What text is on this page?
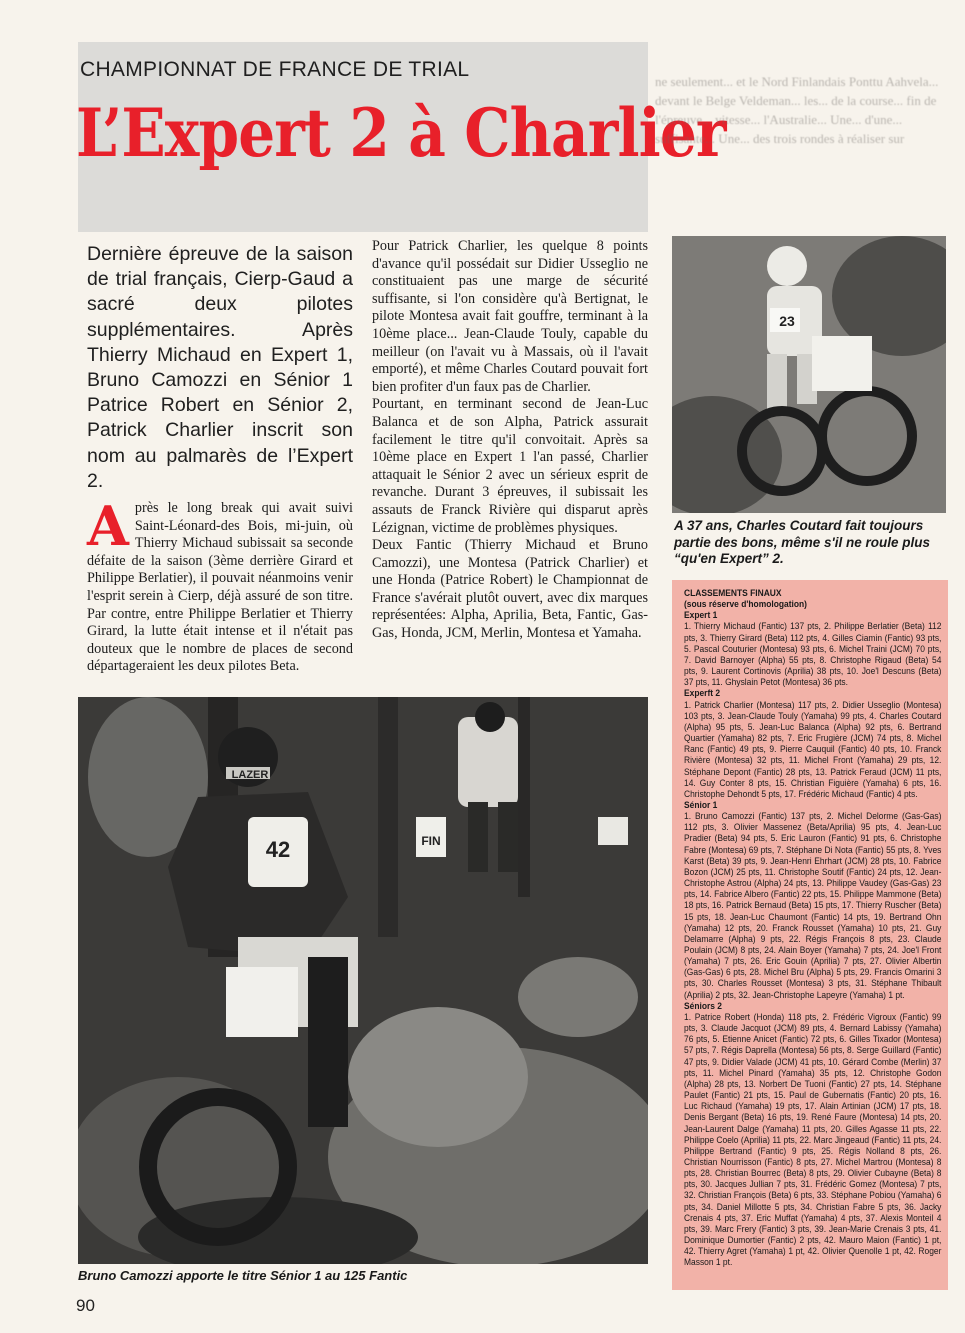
CHAMPIONNAT DE FRANCE DE TRIAL
L’Expert 2 à Charlier
ne seulement... et le Nord Finlandais Ponttu Aahvela... devant le Belge Veldeman... les... de la course... fin de l'épreuve... vitesse... l'Australie... Une... d'une... suffisante... Une... des trois rondes à réaliser sur
Dernière épreuve de la saison de trial français, Cierp-Gaud a sacré deux pilotes supplémentaires. Après Thierry Michaud en Expert 1, Bruno Camozzi en Sénior 1 Patrice Robert en Sénior 2, Patrick Charlier inscrit son nom au palmarès de l’Expert 2.
Après le long break qui avait suivi Saint-Léonard-des Bois, mi-juin, où Thierry Michaud subissait sa seconde défaite de la saison (3ème derrière Girard et Philippe Berlatier), il pouvait néanmoins venir l'esprit serein à Cierp, déjà assuré de son titre. Par contre, entre Philippe Berlatier et Thierry Girard, la lutte était intense et il n'était pas douteux que le nombre de places de second départageraient les deux pilotes Beta.

Pour Patrick Charlier, les quelque 8 points d'avance qu'il possédait sur Didier Usseglio ne constituaient pas une marge de sécurité suffisante, si l'on considère qu'à Bertignat, le pilote Montesa avait fait gouffre, terminant à la 10ème place... Jean-Claude Touly, capable du meilleur (on l'avait vu à Massais, où il l'avait emporté), et même Charles Coutard pouvait fort bien profiter d'un faux pas de Charlier.

Pourtant, en terminant second de Jean-Luc Balanca et de son Alpha, Patrick assurait facilement le titre qu'il convoitait. Après sa 10ème place en Expert 1 l'an passé, Charlier attaquait le Sénior 2 avec un sérieux esprit de revanche. Durant 3 épreuves, il subissait les assauts de Franck Rivière qui disparut après Lézignan, victime de problèmes physiques.

Deux Fantic (Thierry Michaud et Bruno Camozzi), une Montesa (Patrick Charlier) et une Honda (Patrice Robert) le Championnat de France s'avérait plutôt ouvert, avec dix marques représentées: Alpha, Aprilia, Beta, Fantic, Gas-Gas, Honda, JCM, Merlin, Montesa et Yamaha.

42
LAZER
FIN
Bruno Camozzi apporte le titre Sénior 1 au 125 Fantic
23
A 37 ans, Charles Coutard fait toujours partie des bons, même s'il ne roule plus “qu'en Expert” 2.
CLASSEMENTS FINAUX
(sous réserve d'homologation)
Expert 1
1. Thierry Michaud (Fantic) 137 pts, 2. Philippe Berlatier (Beta) 112 pts, 3. Thierry Girard (Beta) 112 pts, 4. Gilles Ciamin (Fantic) 93 pts, 5. Pascal Couturier (Montesa) 93 pts, 6. Michel Traini (JCM) 70 pts, 7. David Barnoyer (Alpha) 55 pts, 8. Christophe Rigaud (Beta) 54 pts, 9. Laurent Cortinovis (Aprilia) 38 pts, 10. Joe'l Descuns (Beta) 37 pts, 11. Ghyslain Petot (Montesa) 36 pts.
Experft 2
1. Patrick Charlier (Montesa) 117 pts, 2. Didier Usseglio (Montesa) 103 pts, 3. Jean-Claude Touly (Yamaha) 99 pts, 4. Charles Coutard (Alpha) 95 pts, 5. Jean-Luc Balanca (Alpha) 92 pts, 6. Bertrand Quartier (Yamaha) 82 pts, 7. Eric Frugière (JCM) 74 pts, 8. Michel Ranc (Fantic) 49 pts, 9. Pierre Cauquil (Fantic) 40 pts, 10. Franck Rivière (Montesa) 32 pts, 11. Michel Front (Yamaha) 29 pts, 12. Stéphane Depont (Fantic) 28 pts, 13. Patrick Feraud (JCM) 11 pts, 14. Guy Conter 8 pts, 15. Christian Figuière (Yamaha) 6 pts, 16. Christophe Dehondt 5 pts, 17. Frédéric Michaud (Fantic) 4 pts.
Sénior 1
1. Bruno Camozzi (Fantic) 137 pts, 2. Michel Delorme (Gas-Gas) 112 pts, 3. Olivier Massenez (Beta/Aprilia) 95 pts, 4. Jean-Luc Pradier (Beta) 94 pts, 5. Eric Lauron (Fantic) 91 pts, 6. Christophe Fabre (Montesa) 69 pts, 7. Stéphane Di Nota (Fantic) 55 pts, 8. Yves Karst (Beta) 39 pts, 9. Jean-Henri Ehrhart (JCM) 28 pts, 10. Fabrice Bozon (JCM) 25 pts, 11. Christophe Soutif (Fantic) 24 pts, 12. Jean-Christophe Astrou (Alpha) 24 pts, 13. Philippe Vaudey (Gas-Gas) 23 pts, 14. Fabrice Albero (Fantic) 22 pts, 15. Philippe Mammone (Beta) 18 pts, 16. Patrick Bernaud (Beta) 15 pts, 17. Thierry Ruscher (Beta) 15 pts, 18. Jean-Luc Chaumont (Fantic) 14 pts, 19. Bertrand Ohn (Yamaha) 12 pts, 20. Franck Rousset (Yamaha) 10 pts, 21. Guy Delamarre (Alpha) 9 pts, 22. Régis François 8 pts, 23. Claude Poulain (JCM) 8 pts, 24. Alain Boyer (Yamaha) 7 pts, 24. Joe'l Front (Yamaha) 7 pts, 26. Eric Gouin (Aprilia) 7 pts, 27. Olivier Albertin (Gas-Gas) 6 pts, 28. Michel Bru (Alpha) 5 pts, 29. Francis Omarini 3 pts, 30. Charles Rousset (Montesa) 3 pts, 31. Stéphane Thibault (Aprilia) 2 pts, 32. Jean-Christophe Lapeyre (Yamaha) 1 pt.
Séniors 2
1. Patrice Robert (Honda) 118 pts, 2. Frédéric Vigroux (Fantic) 99 pts, 3. Claude Jacquot (JCM) 89 pts, 4. Bernard Labissy (Yamaha) 76 pts, 5. Etienne Anicet (Fantic) 72 pts, 6. Gilles Tixador (Montesa) 57 pts, 7. Régis Daprella (Montesa) 56 pts, 8. Serge Guillard (Fantic) 47 pts, 9. Didier Valade (JCM) 41 pts, 10. Gérard Combe (Merlin) 37 pts, 11. Michel Pinard (Yamaha) 35 pts, 12. Christophe Godon (Alpha) 28 pts, 13. Norbert De Tuoni (Fantic) 27 pts, 14. Stéphane Paulet (Fantic) 21 pts, 15. Paul de Gubernatis (Fantic) 20 pts, 16. Luc Richaud (Yamaha) 19 pts, 17. Alain Artinian (JCM) 17 pts, 18. Denis Bergant (Beta) 16 pts, 19. René Faure (Montesa) 14 pts, 20. Jean-Laurent Dalge (Yamaha) 11 pts, 20. Gilles Agasse 11 pts, 22. Philippe Coelo (Aprilia) 11 pts, 22. Marc Jingeaud (Fantic) 11 pts, 24. Philippe Bertrand (Fantic) 9 pts, 25. Régis Nolland 8 pts, 26. Christian Nourrisson (Fantic) 8 pts, 27. Michel Martrou (Montesa) 8 pts, 28. Christian Bourrec (Beta) 8 pts, 29. Olivier Cubayne (Beta) 8 pts, 30. Jacques Jullian 7 pts, 31. Frédéric Gomez (Montesa) 7 pts, 32. Christian François (Beta) 6 pts, 33. Stéphane Pobiou (Yamaha) 6 pts, 34. Daniel Millotte 5 pts, 34. Christian Fabre 5 pts, 36. Jacky Crenais 4 pts, 37. Eric Muffat (Yamaha) 4 pts, 37. Alexis Monteil 4 pts, 39. Marc Frery (Fantic) 3 pts, 39. Jean-Marie Crenais 3 pts, 41. Dominique Dumortier (Fantic) 2 pts, 42. Mauro Maion (Fantic) 1 pt, 42. Thierry Agret (Yamaha) 1 pt, 42. Olivier Quenolle 1 pt, 42. Roger Masson 1 pt.
90
